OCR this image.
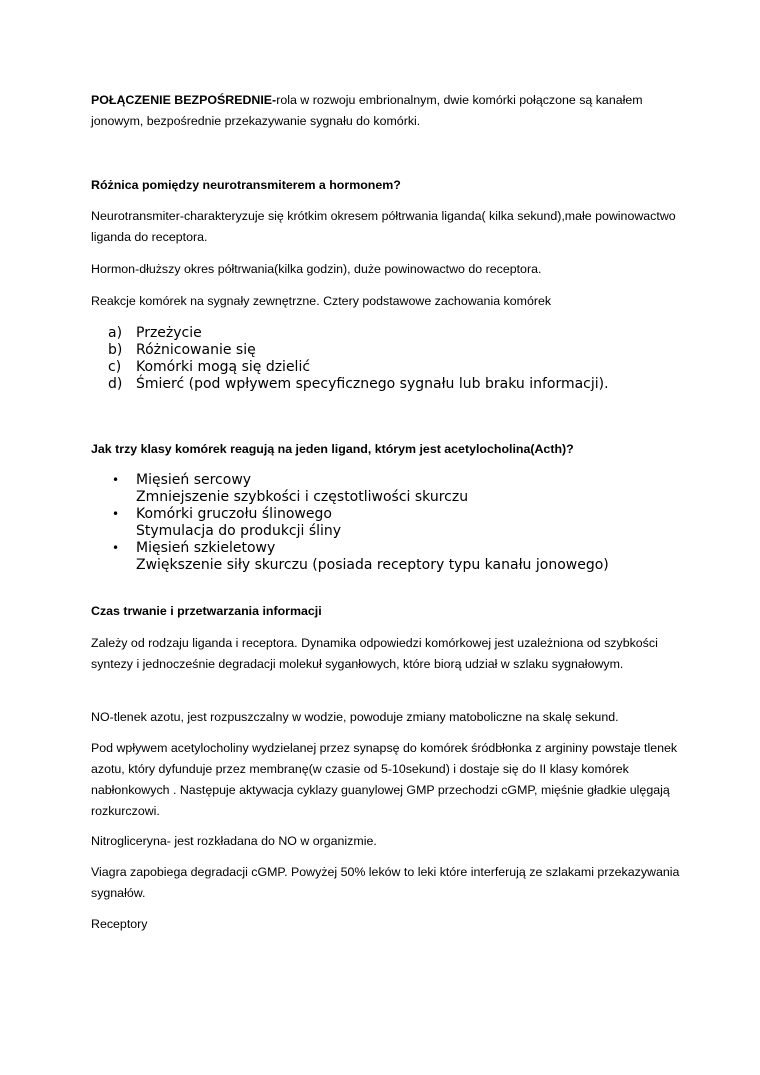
POŁĄCZENIE BEZPOŚREDNIE-rola w rozwoju embrionalnym, dwie komórki połączone są kanałem jonowym, bezpośrednie przekazywanie sygnału do komórki.

Różnica pomiędzy neurotransmiterem a hormonem?

Neurotransmiter-charakteryzuje się krótkim okresem półtrwania liganda( kilka sekund),małe powinowactwo liganda do receptora.

Hormon-dłuższy okres półtrwania(kilka godzin), duże powinowactwo do receptora.

Reakcje komórek na sygnały zewnętrzne. Cztery podstawowe zachowania komórek

a) Przeżycie
b) Różnicowanie się
c)	Komórki mogą się dzielić
d) Śmierć (pod wpływem specyficznego sygnału lub braku informacji).

Jak trzy klasy komórek reagują na jeden ligand, którym jest acetylocholina(Acth)?

•	Mięsień sercowy
Zmniejszenie szybkości i częstotliwości skurczu
•	Komórki gruczołu ślinowego
Stymulacja do produkcji śliny
•	Mięsień szkieletowy
Zwiększenie siły skurczu (posiada receptory typu kanału jonowego)

Czas trwanie i przetwarzania informacji

Zależy od rodzaju liganda i receptora. Dynamika odpowiedzi komórkowej jest uzależniona od szybkości syntezy i jednocześnie degradacji molekuł syganłowych, które biorą udział w szlaku sygnałowym.

NO-tlenek azotu, jest rozpuszczalny w wodzie, powoduje zmiany matoboliczne na skalę sekund.

Pod wpływem acetylocholiny wydzielanej przez synapsę do komórek śródbłonka z argininy powstaje tlenek azotu, który dyfunduje przez membranę(w czasie od 5-10sekund) i dostaje się do II klasy komórek nabłonkowych . Następuje aktywacja cyklazy guanylowej GMP przechodzi cGMP, mięśnie gładkie ulęgają rozkurczowi.

Nitrogliceryna- jest rozkładana do NO w organizmie.

Viagra zapobiega degradacji cGMP. Powyżej 50% leków to leki które interferują ze szlakami przekazywania sygnałów.

Receptory
